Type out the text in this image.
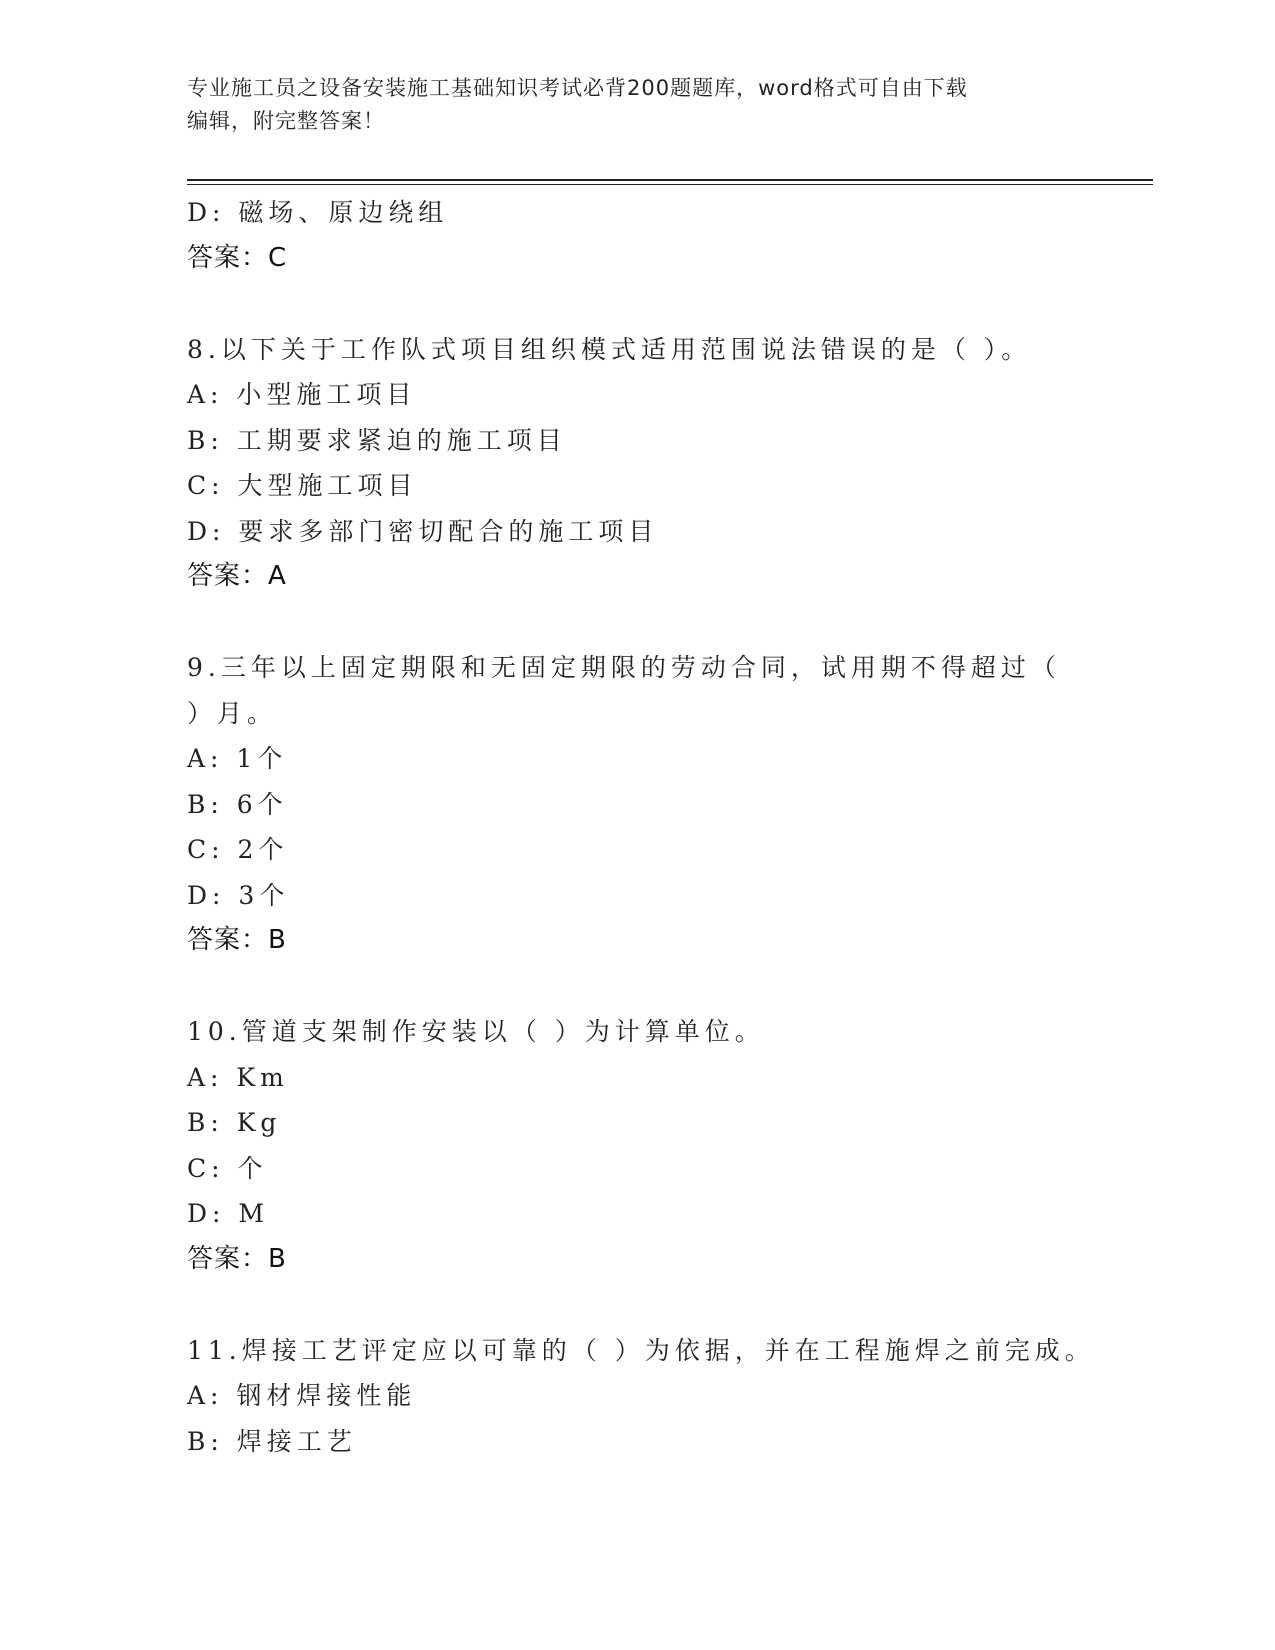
专业施工员之设备安装施工基础知识考试必背200题题库，word格式可自由下载
编辑，附完整答案！
D: 磁场、原边绕组
答案：C
8.以下关于工作队式项目组织模式适用范围说法错误的是（ ）。
A: 小型施工项目
B: 工期要求紧迫的施工项目
C: 大型施工项目
D: 要求多部门密切配合的施工项目
答案：A
9.三年以上固定期限和无固定期限的劳动合同，试用期不得超过（ ）月。
A: 1个
B: 6个
C: 2个
D: 3个
答案：B
10.管道支架制作安装以（ ）为计算单位。
A: Km
B: Kg
C: 个
D: M
答案：B
11.焊接工艺评定应以可靠的（ ）为依据，并在工程施焊之前完成。
A: 钢材焊接性能
B: 焊接工艺
